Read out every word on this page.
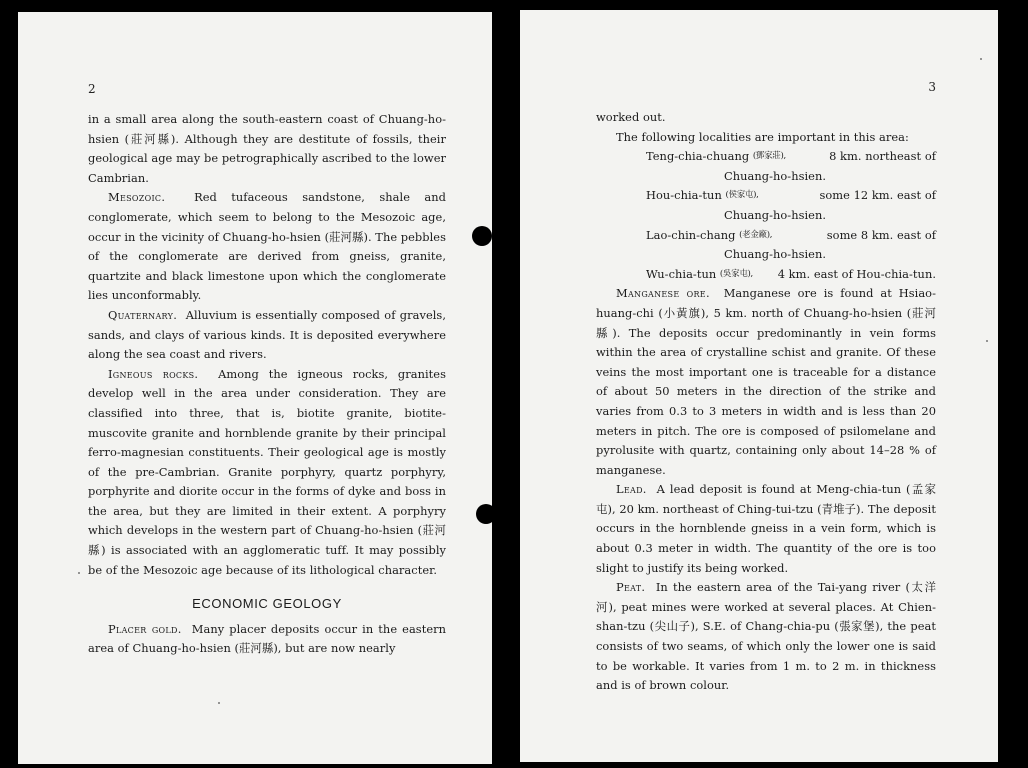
2

in a small area along the south-eastern coast of Chuang-ho-hsien (莊河縣). Although they are destitute of fossils, their geological age may be petrographically ascribed to the lower Cambrian.

Mesozoic.	Red tufaceous sandstone, shale and conglomerate, which seem to belong to the Mesozoic age, occur in the vicinity of Chuang-ho-hsien (莊河縣). The pebbles of the conglomerate are derived from gneiss, granite, quartzite and black limestone upon which the conglomerate lies unconformably.

Quaternary. Alluvium is essentially composed of gravels, sands, and clays of various kinds. It is deposited everywhere along the sea coast and rivers.

Igneous rocks. Among the igneous rocks, granites develop well in the area under consideration. They are classified into three, that is, biotite granite, biotite-muscovite granite and hornblende granite by their principal ferro-magnesian constituents. Their geological age is mostly of the pre-Cambrian. Granite porphyry, quartz porphyry, porphyrite and diorite occur in the forms of dyke and boss in the area, but they are limited in their extent. A porphyry which develops in the western part of Chuang-ho-hsien (莊河縣) is associated with an agglomeratic tuff. It may possibly be of the Mesozoic age because of its lithological character.

ECONOMIC GEOLOGY

Placer gold. Many placer deposits occur in the eastern area of Chuang-ho-hsien (莊河縣), but are now nearly

3

worked out.

The following localities are important in this area:

Teng-chia-chuang
(鄧家莊),	8 km. northeast of
Chuang-ho-hsien.
Hou-chia-tun
(侯家屯),	some 12 km. east of
Chuang-ho-hsien.
Lao-chin-chang
(老金廠),	some 8 km. east of
Chuang-ho-hsien.
Wu-chia-tun
(吳家屯),	4 km. east of Hou-chia-tun.

Manganese ore. Manganese ore is found at Hsiao-huang-chi (小黃旗), 5 km. north of Chuang-ho-hsien (莊河縣). The deposits occur predominantly in vein forms within the area of crystalline schist and granite. Of these veins the most important one is traceable for a distance of about 50 meters in the direction of the strike and varies from 0.3 to 3 meters in width and is less than 20 meters in pitch. The ore is composed of psilomelane and pyrolusite with quartz, containing only about 14–28 % of manganese.

Lead. A lead deposit is found at Meng-chia-tun (孟家屯), 20 km. northeast of Ching-tui-tzu (青堆子). The deposit occurs in the hornblende gneiss in a vein form, which is about 0.3 meter in width. The quantity of the ore is too slight to justify its being worked.

Peat. In the eastern area of the Tai-yang river (太洋河), peat mines were worked at several places. At Chien-shan-tzu (尖山子), S.E. of Chang-chia-pu (張家堡), the peat consists of two seams, of which only the lower one is said to be workable. It varies from 1 m. to 2 m. in thickness and is of brown colour.
